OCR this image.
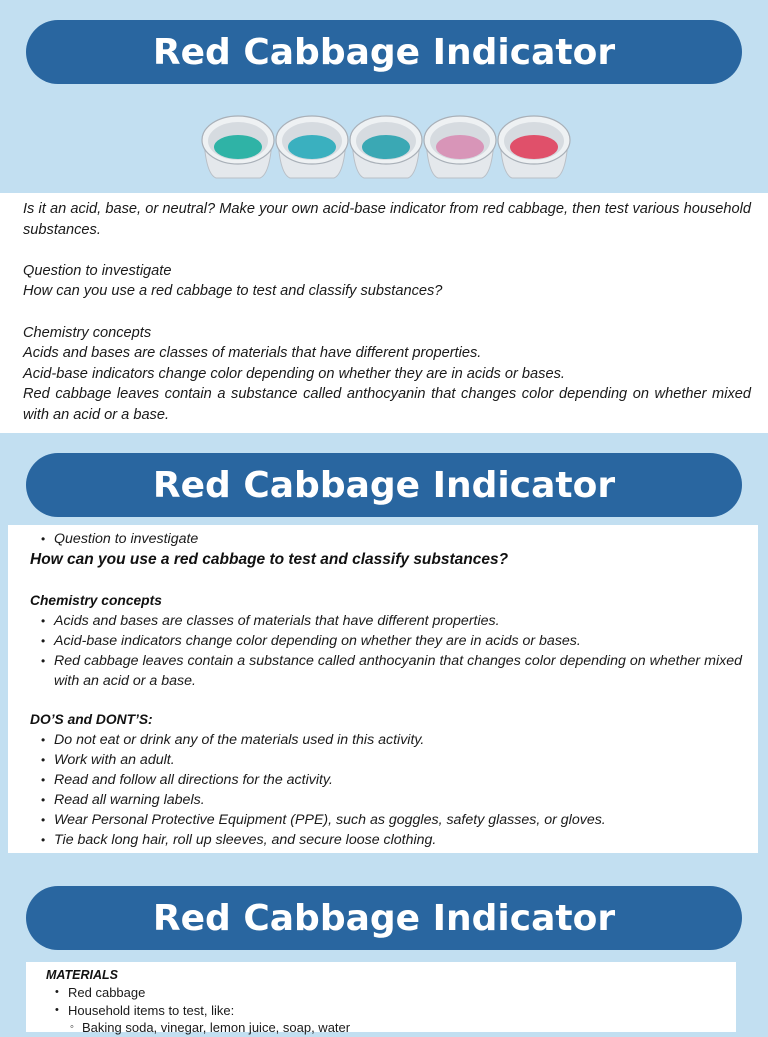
Red Cabbage Indicator

Is it an acid, base, or neutral? Make your own acid-base indicator from red cabbage, then test various household substances.

Question to investigate

How can you use a red cabbage to test and classify substances?

Chemistry concepts

Acids and bases are classes of materials that have different properties.

Acid-base indicators change color depending on whether they are in acids or bases.

Red cabbage leaves contain a substance called anthocyanin that changes color depending on whether mixed with an acid or a base.

Red Cabbage Indicator
• Question to investigate

How can you use a red cabbage to test and classify substances?

Chemistry concepts

• Acids and bases are classes of materials that have different properties.
• Acid-base indicators change color depending on whether they are in acids or bases.
• Red cabbage leaves contain a substance called anthocyanin that changes color depending on whether mixed with an acid or a base.

DO’S and DONT’S:

• Do not eat or drink any of the materials used in this activity.
• Work with an adult.
• Read and follow all directions for the activity.
• Read all warning labels.
• Wear Personal Protective Equipment (PPE), such as goggles, safety glasses, or gloves.
• Tie back long hair, roll up sleeves, and secure loose clothing.
Red Cabbage Indicator

MATERIALS

• Red cabbage
• Household items to test, like:
◦ Baking soda, vinegar, lemon juice, soap, water
